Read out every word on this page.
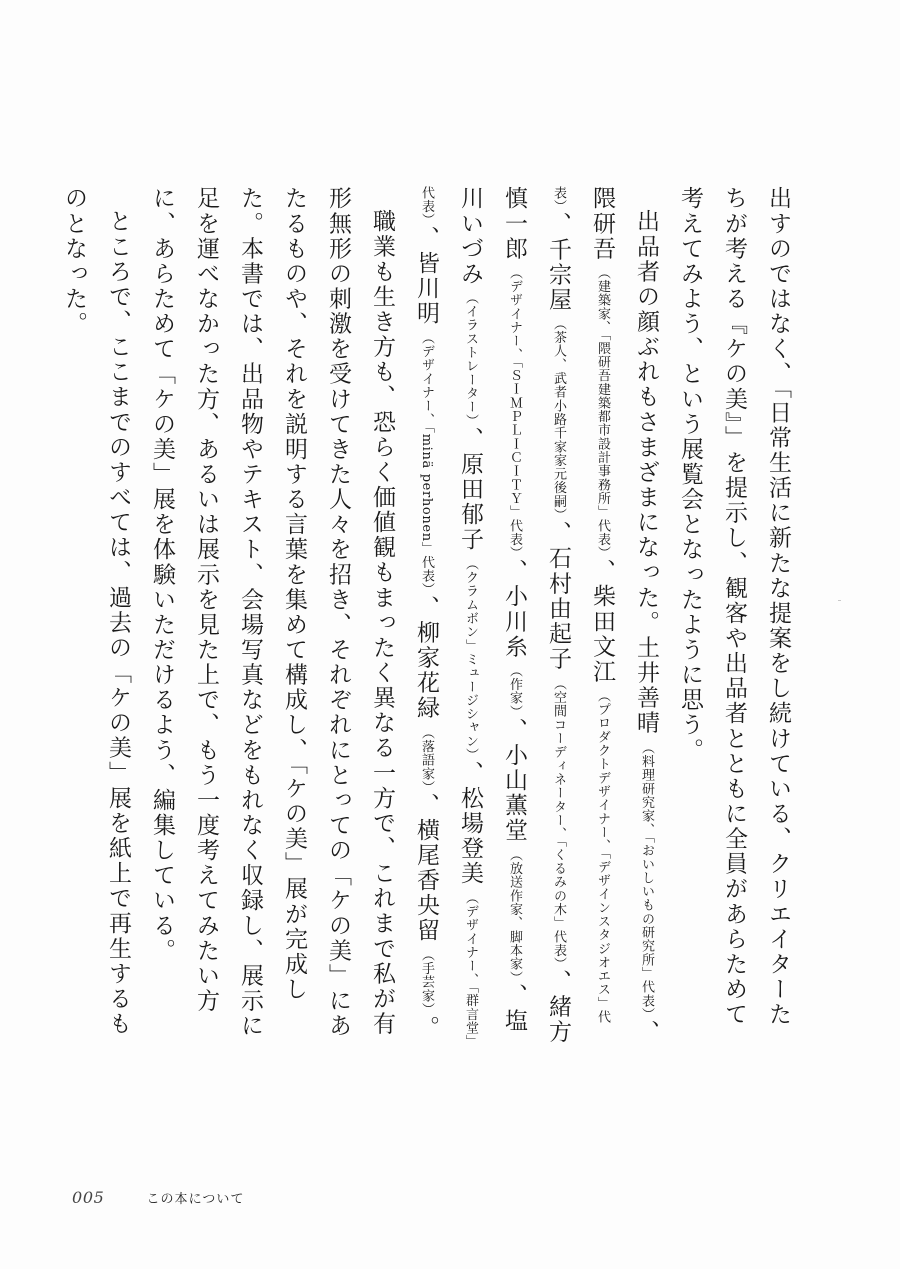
出すのではなく、「日常生活に新たな提案をし続けている、クリエイターたちが考える『ケの美』」を提示し、観客や出品者とともに全員があらためて考えてみよう、という展覧会となったように思う。

出品者の顔ぶれもさまざまになった。土井善晴（料理研究家、「おいしいもの研究所」代表）、隈研吾（建築家、「隈研吾建築都市設計事務所」代表）、柴田文江（プロダクトデザイナー、「デザインスタジオエス」代表）、千宗屋（茶人、武者小路千家家元後嗣）、石村由起子（空間コーディネーター、「くるみの木」代表）、緒方慎一郎（デザイナー、「ＳＩＭＰＬＩＣＩＴＹ」代表）、小川糸（作家）、小山薫堂（放送作家、脚本家）、塩川いづみ（イラストレーター）、原田郁子（クラムボン」ミュージシャン）、松場登美（デザイナー、「群言堂」代表）、皆川明（デザイナー、「minä perhonen」代表）、柳家花緑（落語家）、横尾香央留（手芸家）。

職業も生き方も、恐らく価値観もまったく異なる一方で、これまで私が有形無形の刺激を受けてきた人々を招き、それぞれにとっての「ケの美」にあたるものや、それを説明する言葉を集めて構成し、「ケの美」展が完成した。本書では、出品物やテキスト、会場写真などをもれなく収録し、展示に足を運べなかった方、あるいは展示を見た上で、もう一度考えてみたい方に、あらためて「ケの美」展を体験いただけるよう、編集している。

ところで、ここまでのすべては、過去の「ケの美」展を紙上で再生するものとなった。

005	この本について
